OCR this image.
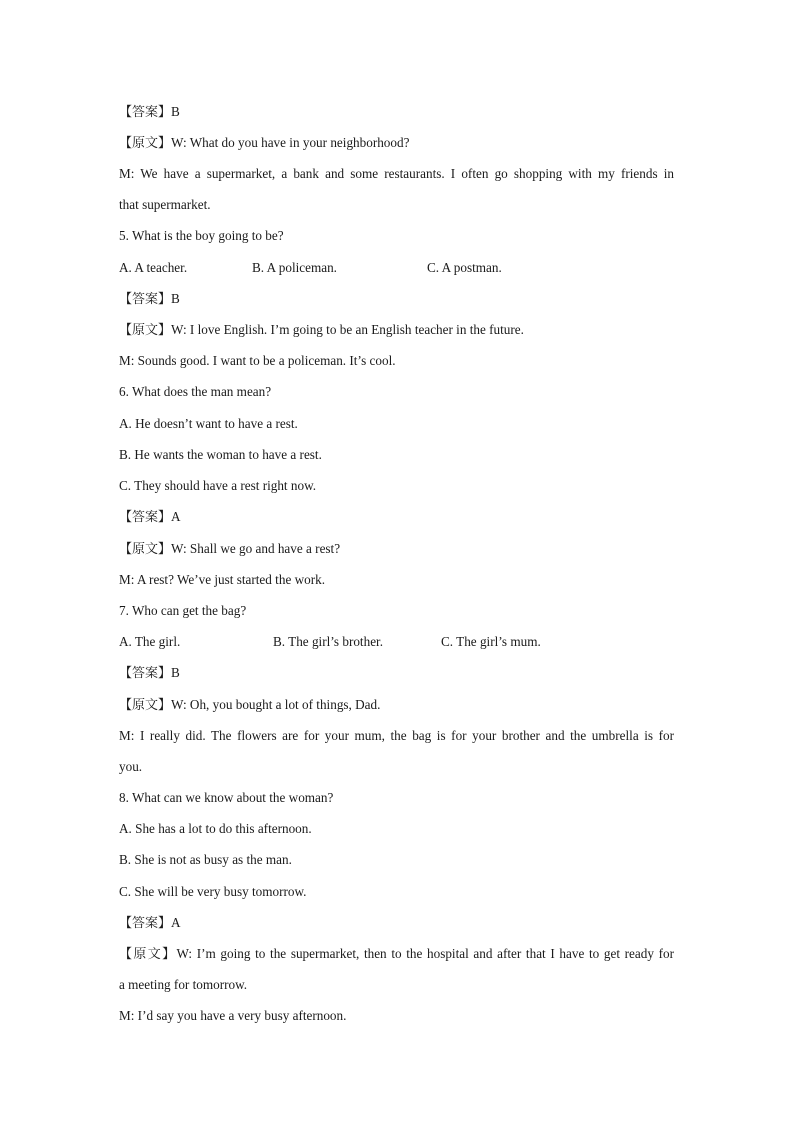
【答案】B
【原文】W: What do you have in your neighborhood?
M: We have a supermarket, a bank and some restaurants. I often go shopping with my friends in
that supermarket.
5. What is the boy going to be?
A. A teacher.	B. A policeman.	C. A postman.
【答案】B
【原文】W: I love English. I’m going to be an English teacher in the future.
M: Sounds good. I want to be a policeman. It’s cool.
6. What does the man mean?
A. He doesn’t want to have a rest.
B. He wants the woman to have a rest.
C. They should have a rest right now.
【答案】A
【原文】W: Shall we go and have a rest?
M: A rest? We’ve just started the work.
7. Who can get the bag?
A. The girl.	B. The girl’s brother.	C. The girl’s mum.
【答案】B
【原文】W: Oh, you bought a lot of things, Dad.
M: I really did. The flowers are for your mum, the bag is for your brother and the umbrella is for
you.
8. What can we know about the woman?
A. She has a lot to do this afternoon.
B. She is not as busy as the man.
C. She will be very busy tomorrow.
【答案】A
【原文】W: I’m going to the supermarket, then to the hospital and after that I have to get ready for
a meeting for tomorrow.
M: I’d say you have a very busy afternoon.
